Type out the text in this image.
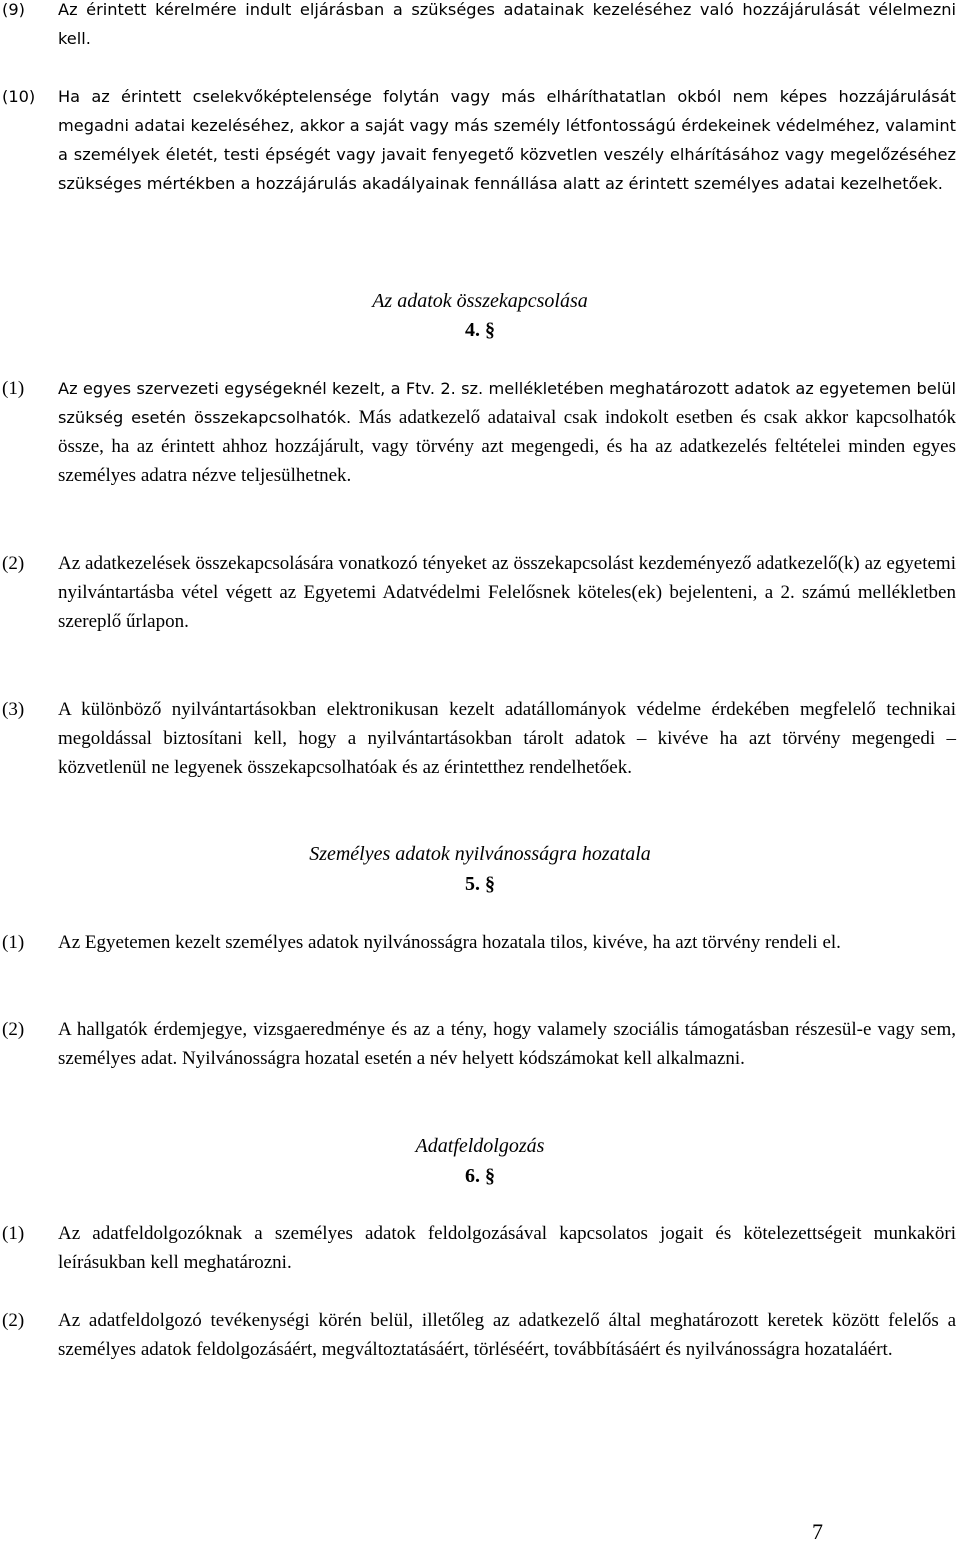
(9) Az érintett kérelmére indult eljárásban a szükséges adatainak kezeléséhez való hozzájárulását vélelmezni kell.
(10) Ha az érintett cselekvőképtelensége folytán vagy más elháríthatatlan okból nem képes hozzájárulását megadni adatai kezeléséhez, akkor a saját vagy más személy létfontosságú érdekeinek védelméhez, valamint a személyek életét, testi épségét vagy javait fenyegető közvetlen veszély elhárításához vagy megelőzéséhez szükséges mértékben a hozzájárulás akadályainak fennállása alatt az érintett személyes adatai kezelhetőek.
Az adatok összekapcsolása
4. §
(1) Az egyes szervezeti egységeknél kezelt, a Ftv. 2. sz. mellékletében meghatározott adatok az egyetemen belül szükség esetén összekapcsolhatók. Más adatkezelő adataival csak indokolt esetben és csak akkor kapcsolhatók össze, ha az érintett ahhoz hozzájárult, vagy törvény azt megengedi, és ha az adatkezelés feltételei minden egyes személyes adatra nézve teljesülhetnek.
(2) Az adatkezelések összekapcsolására vonatkozó tényeket az összekapcsolást kezdeményező adatkezelő(k) az egyetemi nyilvántartásba vétel végett az Egyetemi Adatvédelmi Felelősnek köteles(ek) bejelenteni, a 2. számú mellékletben szereplő űrlapon.
(3) A különböző nyilvántartásokban elektronikusan kezelt adatállományok védelme érdekében megfelelő technikai megoldással biztosítani kell, hogy a nyilvántartásokban tárolt adatok – kivéve ha azt törvény megengedi – közvetlenül ne legyenek összekapcsolhatóak és az érintetthez rendelhetőek.
Személyes adatok nyilvánosságra hozatala
5. §
(1) Az Egyetemen kezelt személyes adatok nyilvánosságra hozatala tilos, kivéve, ha azt törvény rendeli el.
(2) A hallgatók érdemjegye, vizsgaeredménye és az a tény, hogy valamely szociális támogatásban részesül-e vagy sem, személyes adat. Nyilvánosságra hozatal esetén a név helyett kódszámokat kell alkalmazni.
Adatfeldolgozás
6. §
(1) Az adatfeldolgozóknak a személyes adatok feldolgozásával kapcsolatos jogait és kötelezettségeit munkaköri leírásukban kell meghatározni.
(2) Az adatfeldolgozó tevékenységi körén belül, illetőleg az adatkezelő által meghatározott keretek között felelős a személyes adatok feldolgozásáért, megváltoztatásáért, törléséért, továbbításáért és nyilvánosságra hozataláért.
7
